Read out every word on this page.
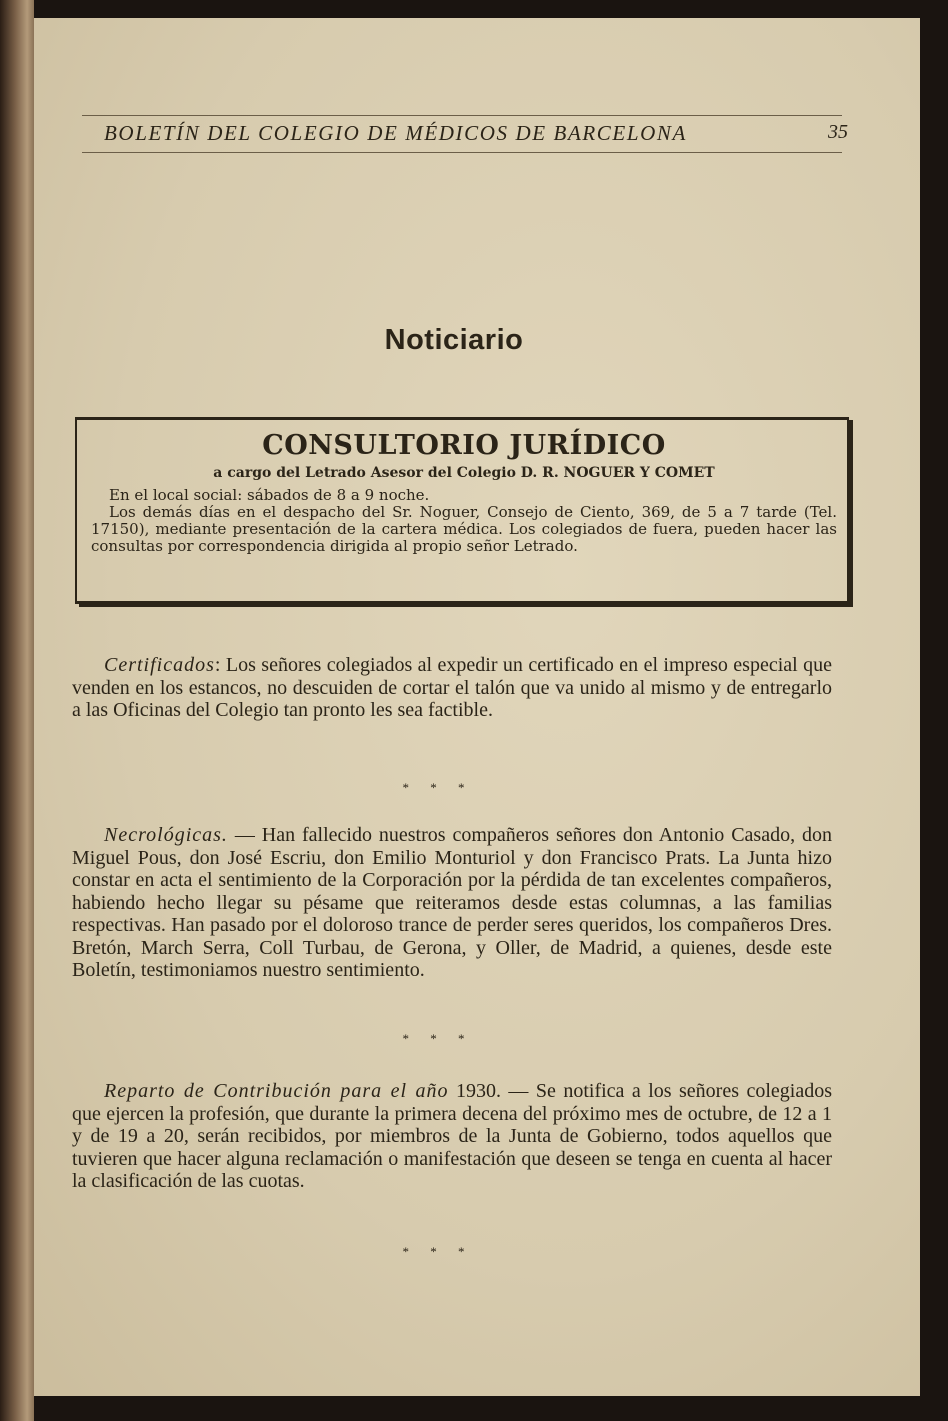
BOLETÍN DEL COLEGIO DE MÉDICOS DE BARCELONA	35
Noticiario
CONSULTORIO JURÍDICO
a cargo del Letrado Asesor del Colegio D. R. NOGUER Y COMET
En el local social: sábados de 8 a 9 noche.
Los demás días en el despacho del Sr. Noguer, Consejo de Ciento, 369, de 5 a 7 tarde (Tel. 17150), mediante presentación de la cartera médica. Los colegiados de fuera, pueden hacer las consultas por correspondencia dirigida al propio señor Letrado.
Certificados: Los señores colegiados al expedir un certificado en el impreso especial que venden en los estancos, no descuiden de cortar el talón que va unido al mismo y de entregarlo a las Oficinas del Colegio tan pronto les sea factible.
* * *
Necrológicas. — Han fallecido nuestros compañeros señores don Antonio Casado, don Miguel Pous, don José Escriu, don Emilio Monturiol y don Francisco Prats. La Junta hizo constar en acta el sentimiento de la Corporación por la pérdida de tan excelentes compañeros, habiendo hecho llegar su pésame que reiteramos desde estas columnas, a las familias respectivas. Han pasado por el doloroso trance de perder seres queridos, los compañeros Dres. Bretón, March Serra, Coll Turbau, de Gerona, y Oller, de Madrid, a quienes, desde este Boletín, testimoniamos nuestro sentimiento.
* * *
Reparto de Contribución para el año 1930. — Se notifica a los señores colegiados que ejercen la profesión, que durante la primera decena del próximo mes de octubre, de 12 a 1 y de 19 a 20, serán recibidos, por miembros de la Junta de Gobierno, todos aquellos que tuvieren que hacer alguna reclamación o manifestación que deseen se tenga en cuenta al hacer la clasificación de las cuotas.
* * *
